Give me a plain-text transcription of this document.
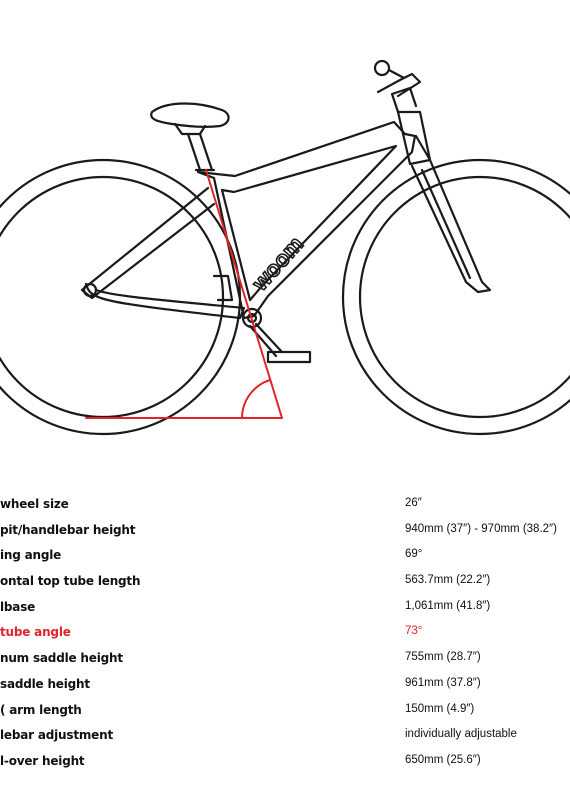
woom
wheel size	26″
pit/handlebar height	940mm (37″) - 970mm (38.2″)
ing angle	69°
ontal top tube length	563.7mm (22.2″)
lbase	1,061mm (41.8″)
tube angle	73°
num saddle height	755mm (28.7″)
saddle height	961mm (37.8″)
( arm length	150mm (4.9″)
lebar adjustment	individually adjustable
l-over height	650mm (25.6″)
